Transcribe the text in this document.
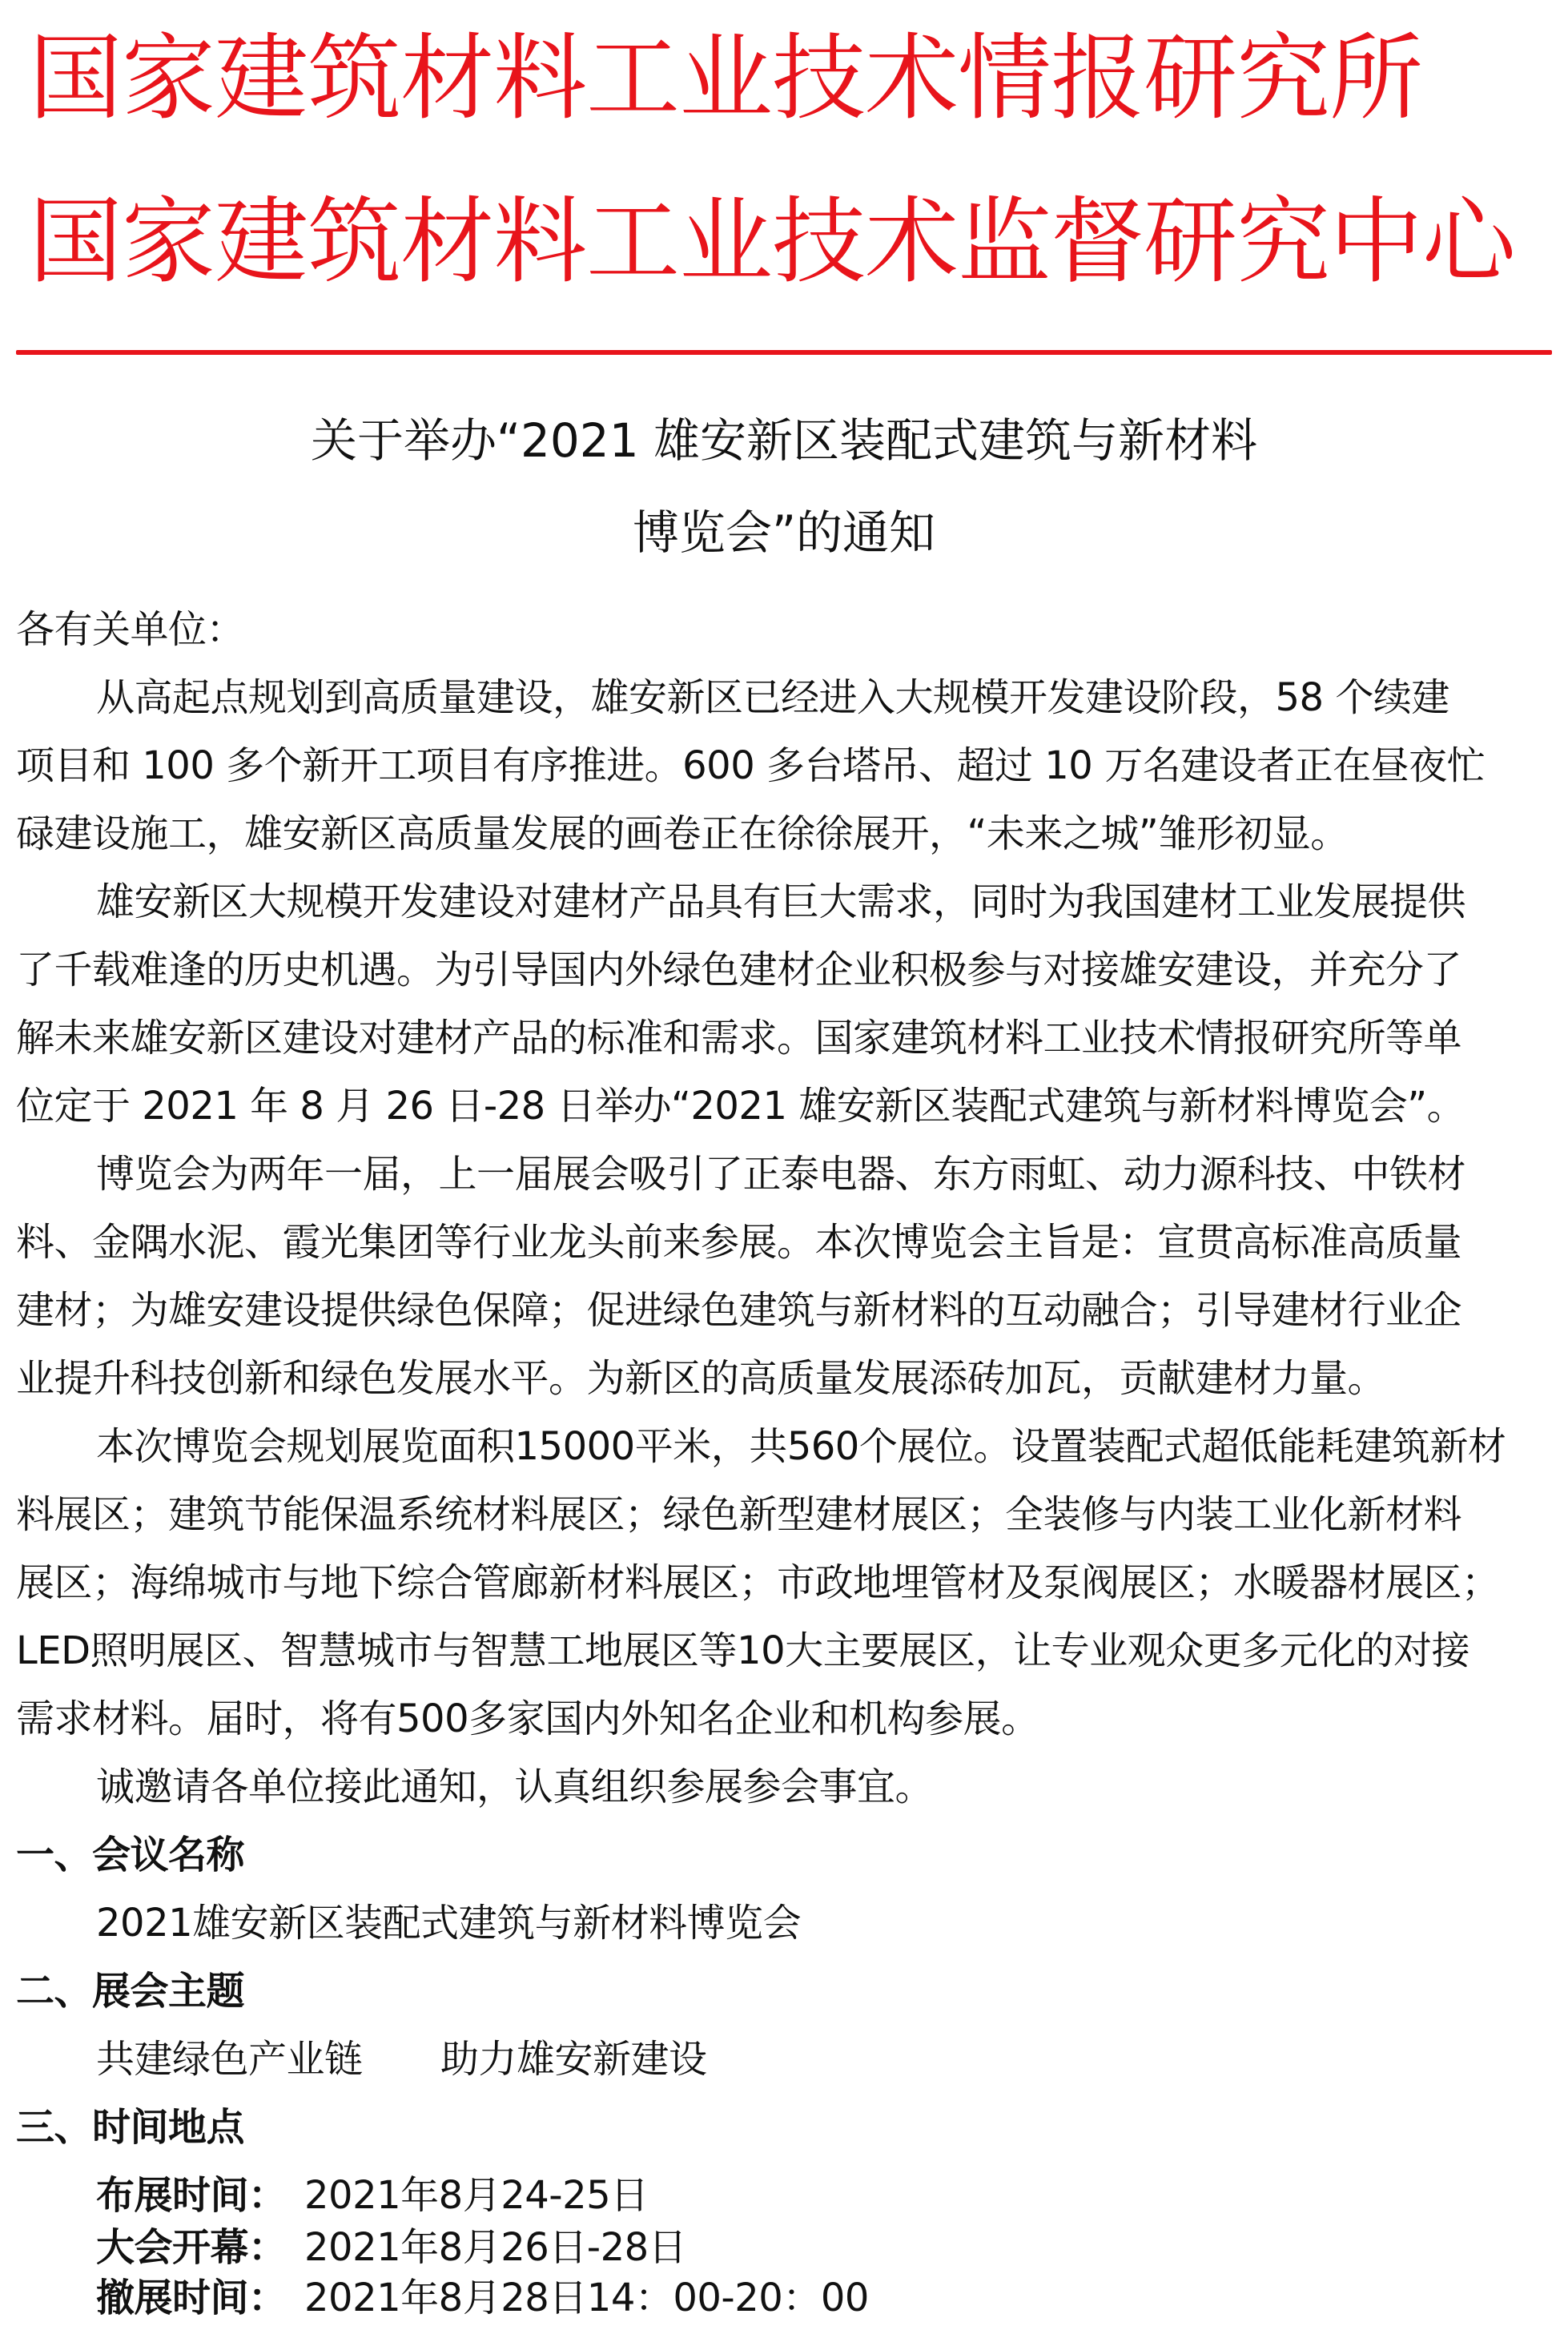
国家建筑材料工业技术情报研究所
国家建筑材料工业技术监督研究中心
关于举办“2021 雄安新区装配式建筑与新材料
博览会”的通知
各有关单位：
从高起点规划到高质量建设，雄安新区已经进入大规模开发建设阶段，58 个续建
项目和 100 多个新开工项目有序推进。600 多台塔吊、超过 10 万名建设者正在昼夜忙
碌建设施工，雄安新区高质量发展的画卷正在徐徐展开，“未来之城”雏形初显。
雄安新区大规模开发建设对建材产品具有巨大需求，同时为我国建材工业发展提供
了千载难逢的历史机遇。为引导国内外绿色建材企业积极参与对接雄安建设，并充分了
解未来雄安新区建设对建材产品的标准和需求。国家建筑材料工业技术情报研究所等单
位定于 2021 年 8 月 26 日-28 日举办“2021 雄安新区装配式建筑与新材料博览会”。
博览会为两年一届，上一届展会吸引了正泰电器、东方雨虹、动力源科技、中铁材
料、金隅水泥、霞光集团等行业龙头前来参展。本次博览会主旨是：宣贯高标准高质量
建材；为雄安建设提供绿色保障；促进绿色建筑与新材料的互动融合；引导建材行业企
业提升科技创新和绿色发展水平。为新区的高质量发展添砖加瓦，贡献建材力量。
本次博览会规划展览面积15000平米，共560个展位。设置装配式超低能耗建筑新材
料展区；建筑节能保温系统材料展区；绿色新型建材展区；全装修与内装工业化新材料
展区；海绵城市与地下综合管廊新材料展区；市政地埋管材及泵阀展区；水暖器材展区；
LED照明展区、智慧城市与智慧工地展区等10大主要展区，让专业观众更多元化的对接
需求材料。届时，将有500多家国内外知名企业和机构参展。
诚邀请各单位接此通知，认真组织参展参会事宜。
一、会议名称
2021雄安新区装配式建筑与新材料博览会
二、展会主题
共建绿色产业链 助力雄安新建设
三、时间地点
布展时间： 2021年8月24-25日
大会开幕： 2021年8月26日-28日
撤展时间： 2021年8月28日14：00-20：00
